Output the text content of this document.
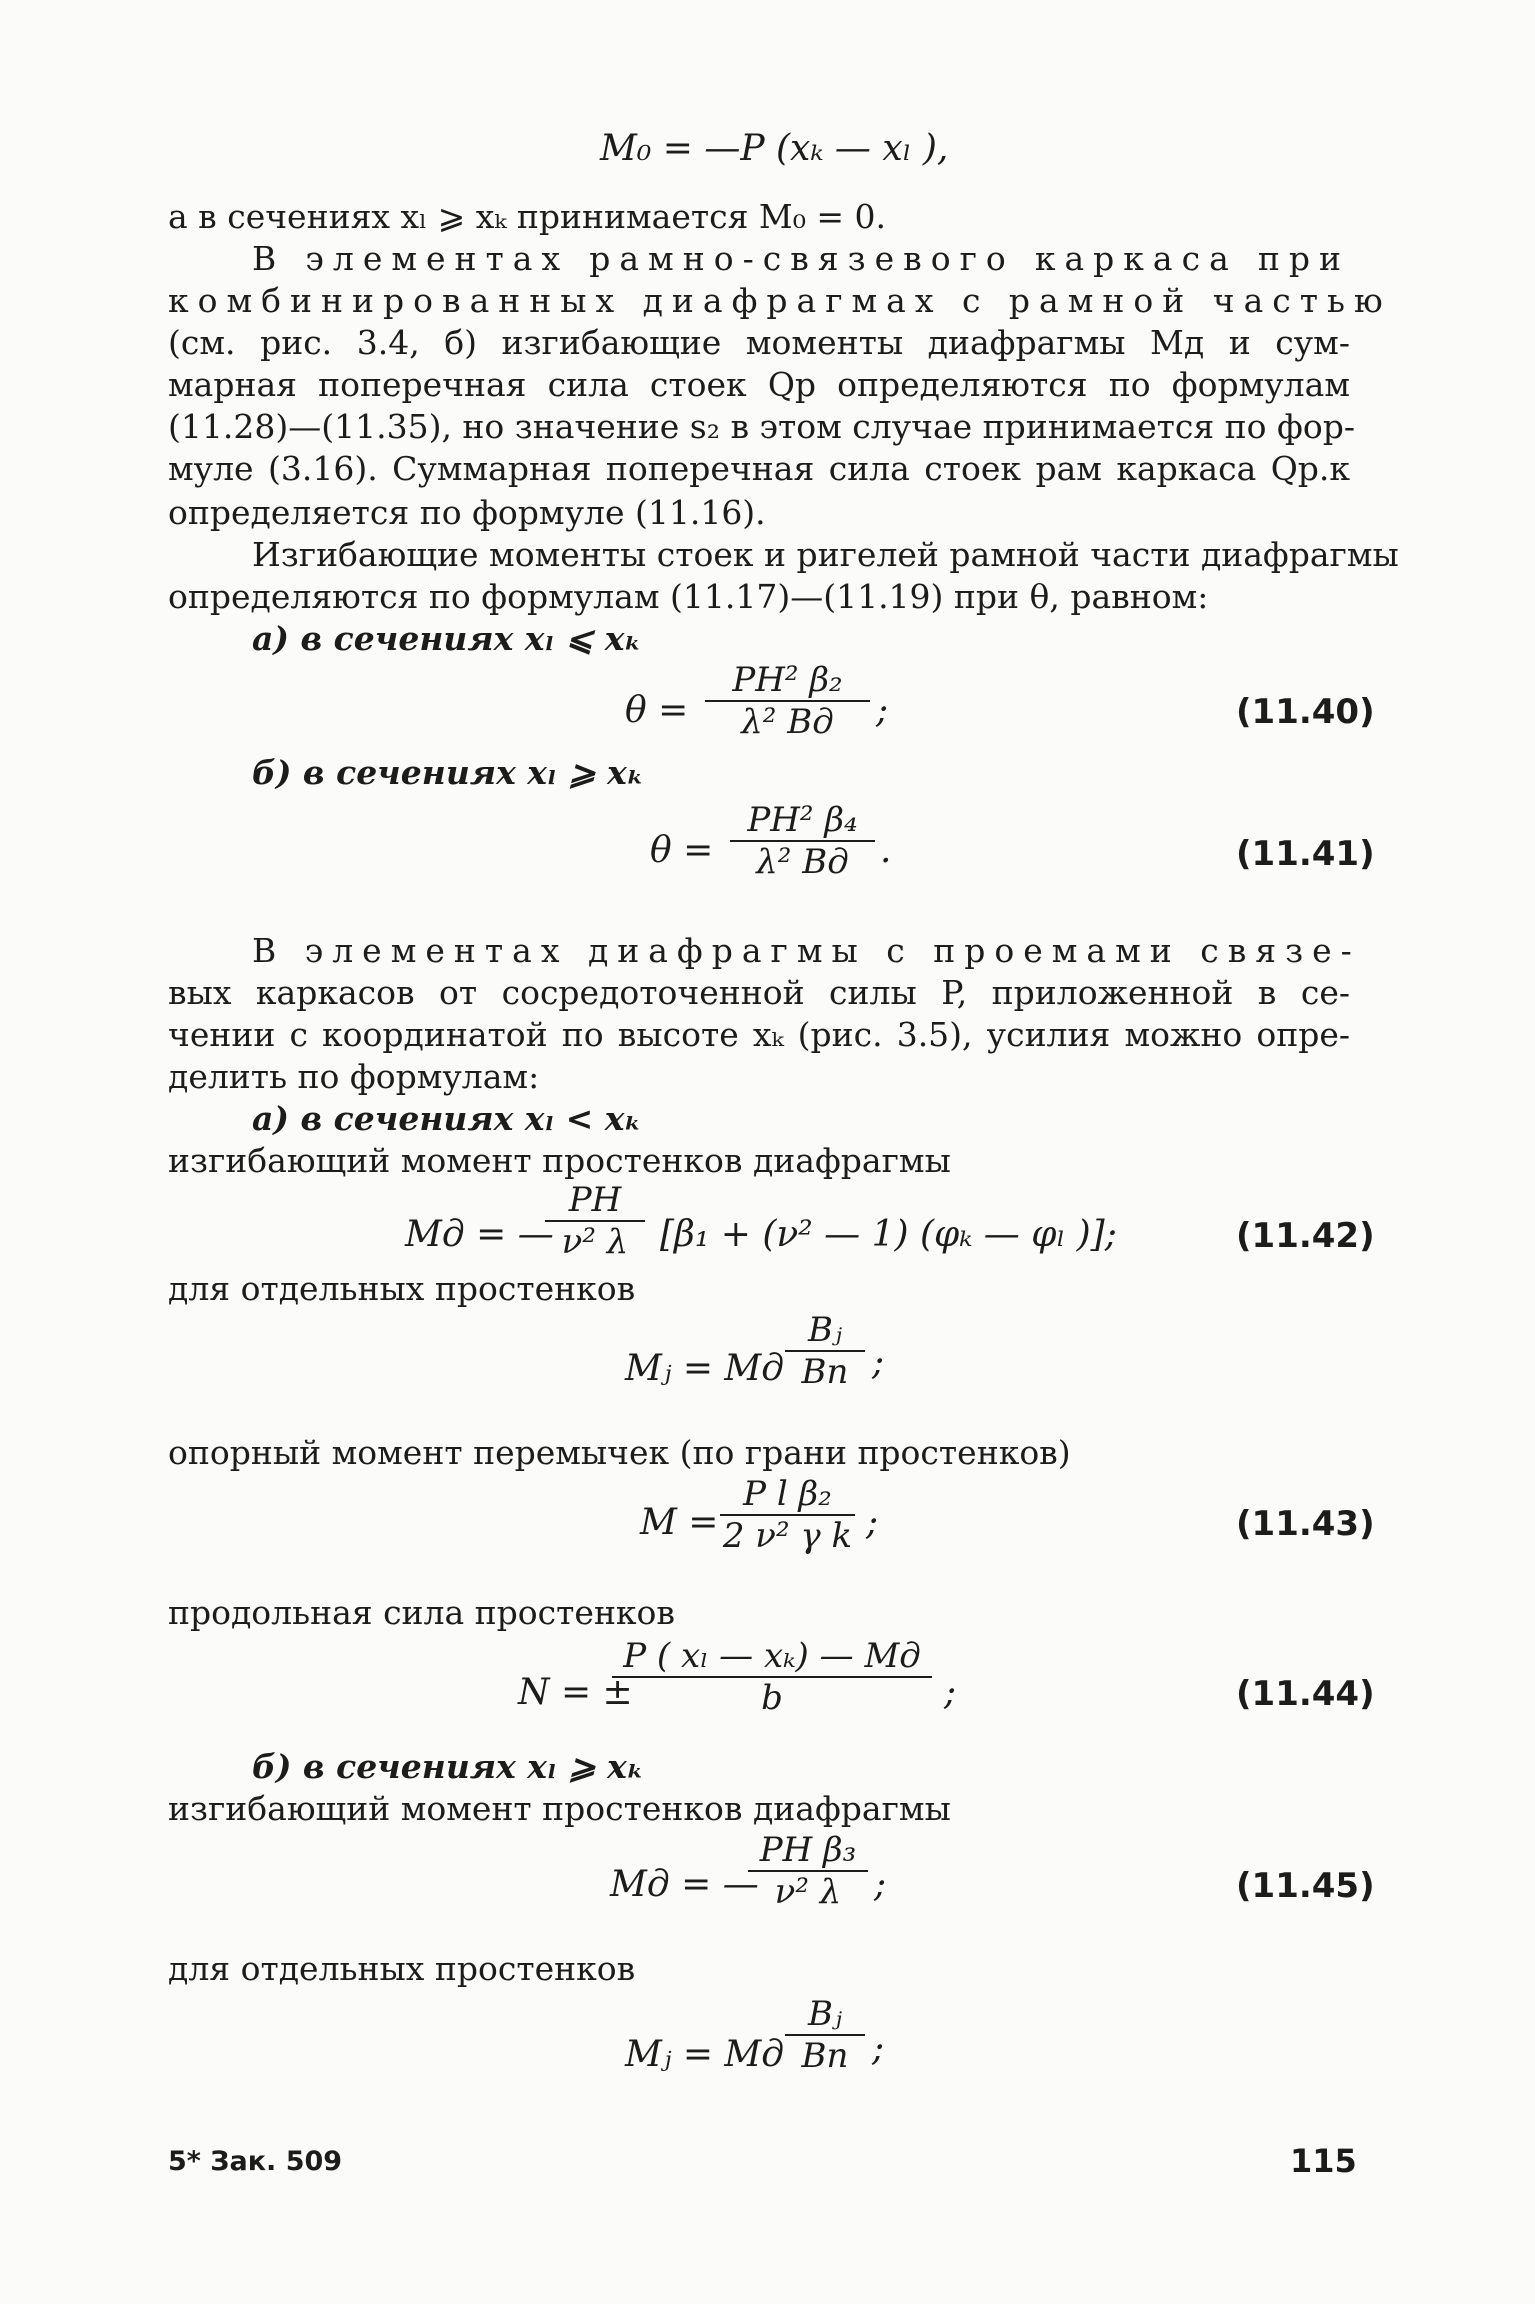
M₀ = —P (xₖ — xₗ ),
а в сечениях xₗ ⩾ xₖ принимается M₀ = 0.
В элементах рамно-связевого каркаса при
комбинированных диафрагмах с рамной частью
(см. рис. 3.4, б) изгибающие моменты диафрагмы Mд и сум-
марная поперечная сила стоек Qр определяются по формулам
(11.28)—(11.35), но значение s₂ в этом случае принимается по фор-
муле (3.16). Суммарная поперечная сила стоек рам каркаса Qр.к
определяется по формуле (11.16).
Изгибающие моменты стоек и ригелей рамной части диафрагмы
определяются по формулам (11.17)—(11.19) при θ, равном:
а) в сечениях xₗ ⩽ xₖ
θ =
PH² β₂
λ² Bд ;	(11.40)
б) в сечениях xₗ ⩾ xₖ
θ =
PH² β₄
λ² Bд .	(11.41)
В элементах диафрагмы с проемами связе-
вых каркасов от сосредоточенной силы P, приложенной в се-
чении с координатой по высоте xₖ (рис. 3.5), усилия можно опре-
делить по формулам:
а) в сечениях xₗ < xₖ
изгибающий момент простенков диафрагмы
Mд = —
PH
ν² λ [β₁ + (ν² — 1) (φₖ — φₗ )];	(11.42)
для отдельных простенков
Mⱼ = Mд
Bⱼ
Bп ;
опорный момент перемычек (по грани простенков)
M =
P l β₂
2 ν² γ k ;	(11.43)
продольная сила простенков
N = ±
P ( xₗ — xₖ) — Mд
b	;	(11.44)
б) в сечениях xₗ ⩾ xₖ
изгибающий момент простенков диафрагмы
Mд = —
PH β₃
ν² λ ;	(11.45)
для отдельных простенков
Mⱼ = Mд
Bⱼ
Bп ;
5* Зак. 509	115
